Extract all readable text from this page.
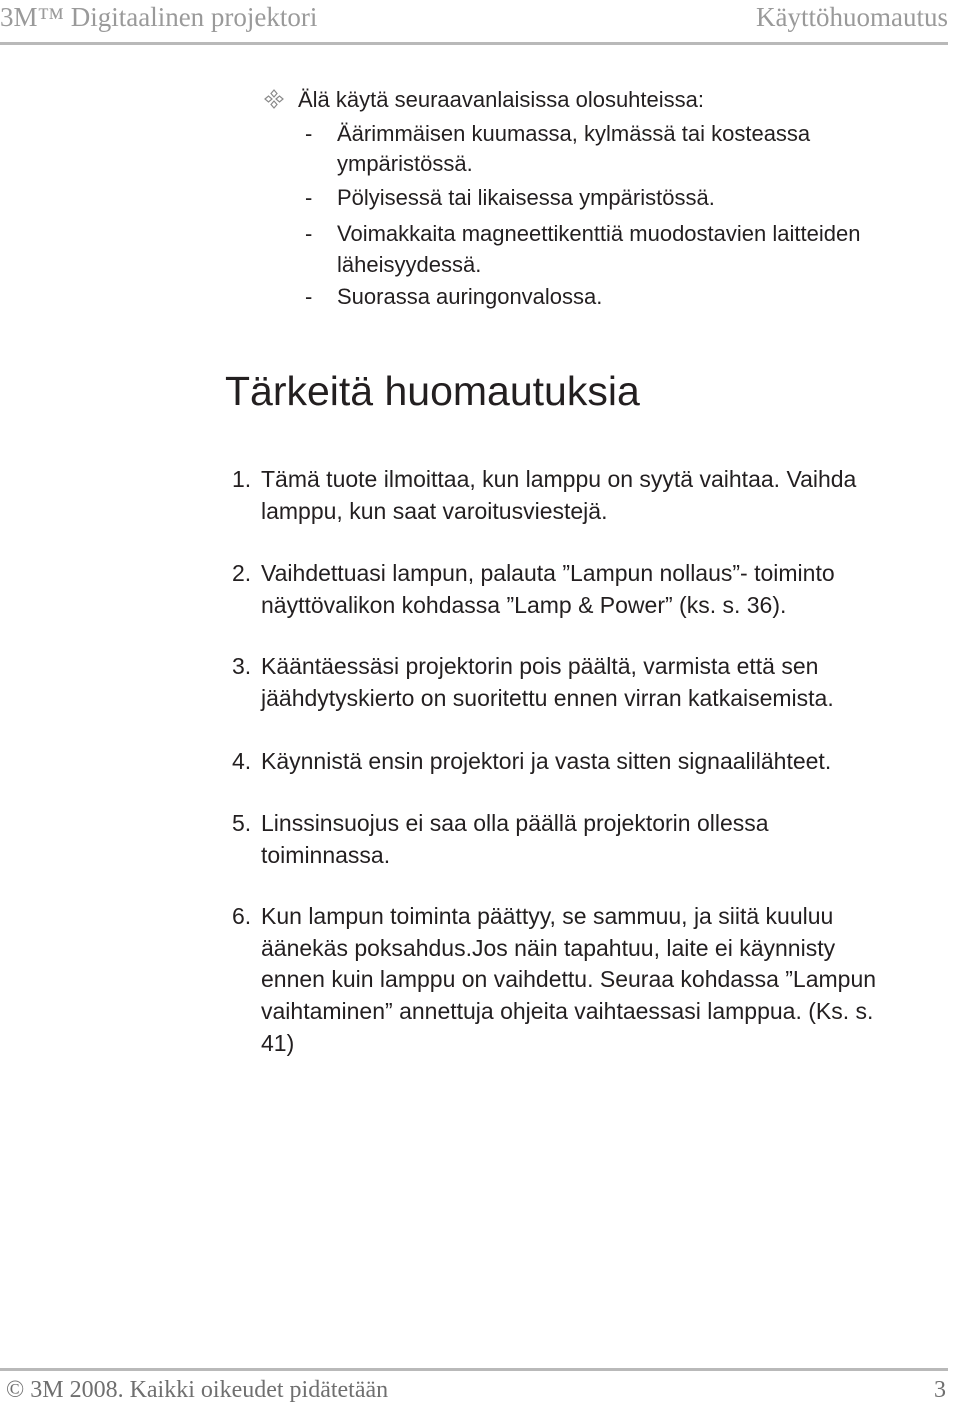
3M™ Digitaalinen projektori	Käyttöhuomautus
Älä käytä seuraavanlaisissa olosuhteissa:
- Äärimmäisen kuumassa, kylmässä tai kosteassa
ympäristössä.
- Pölyisessä tai likaisessa ympäristössä.
- Voimakkaita magneettikenttiä muodostavien laitteiden
läheisyydessä.
- Suorassa auringonvalossa.
Tärkeitä huomautuksia
1. Tämä tuote ilmoittaa, kun lamppu on syytä vaihtaa. Vaihda
lamppu, kun saat varoitusviestejä.
2. Vaihdettuasi lampun, palauta ”Lampun nollaus”- toiminto
näyttövalikon kohdassa ”Lamp & Power” (ks. s. 36).
3. Kääntäessäsi projektorin pois päältä, varmista että sen
jäähdytyskierto on suoritettu ennen virran katkaisemista.
4. Käynnistä ensin projektori ja vasta sitten signaalilähteet.
5. Linssinsuojus ei saa olla päällä projektorin ollessa
toiminnassa.
6. Kun lampun toiminta päättyy, se sammuu, ja siitä kuuluu
äänekäs poksahdus.Jos näin tapahtuu, laite ei käynnisty
ennen kuin lamppu on vaihdettu. Seuraa kohdassa ”Lampun
vaihtaminen” annettuja ohjeita vaihtaessasi lamppua. (Ks. s.
41)
© 3M 2008. Kaikki oikeudet pidätetään	3
